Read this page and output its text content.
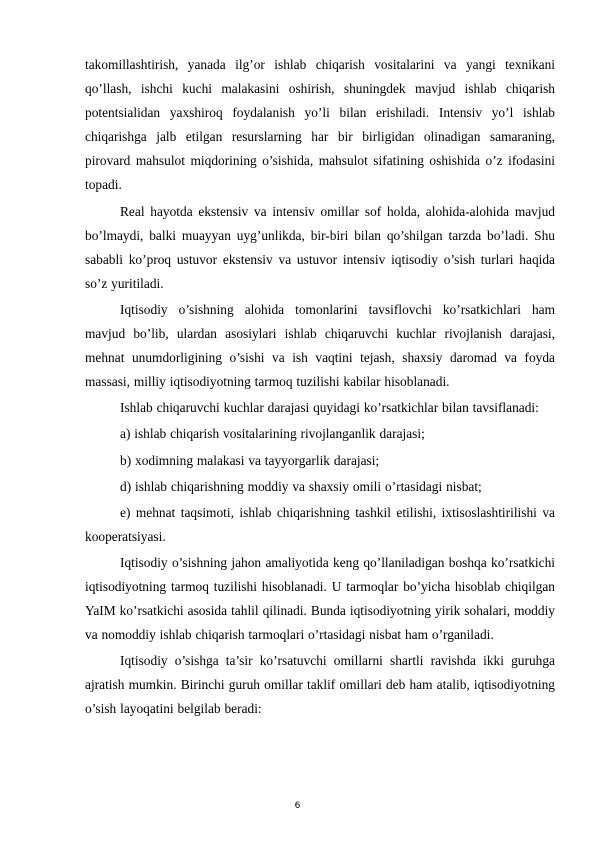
takomillashtirish, yanada ilg’or ishlab chiqarish vositalarini va yangi texnikani qo’llash, ishchi kuchi malakasini oshirish, shuningdek mavjud ishlab chiqarish potentsialidan yaxshiroq foydalanish yo’li bilan erishiladi. Intensiv yo’l ishlab chiqarishga jalb etilgan resurslarning har bir birligidan olinadigan samaraning, pirovard mahsulot miqdorining o’sishida, mahsulot sifatining oshishida o’z ifodasini topadi.

Real hayotda ekstensiv va intensiv omillar sof holda, alohida-alohida mavjud bo’lmaydi, balki muayyan uyg’unlikda, bir-biri bilan qo’shilgan tarzda bo’ladi. Shu sababli ko’proq ustuvor ekstensiv va ustuvor intensiv iqtisodiy o’sish turlari haqida so’z yuritiladi.

Iqtisodiy o’sishning alohida tomonlarini tavsiflovchi ko’rsatkichlari ham mavjud bo’lib, ulardan asosiylari ishlab chiqaruvchi kuchlar rivojlanish darajasi, mehnat unumdorligining o’sishi va ish vaqtini tejash, shaxsiy daromad va foyda massasi, milliy iqtisodiyotning tarmoq tuzilishi kabilar hisoblanadi.

Ishlab chiqaruvchi kuchlar darajasi quyidagi ko’rsatkichlar bilan tavsiflanadi:

a) ishlab chiqarish vositalarining rivojlanganlik darajasi;

b) xodimning malakasi va tayyorgarlik darajasi;

d) ishlab chiqarishning moddiy va shaxsiy omili o’rtasidagi nisbat;

e) mehnat taqsimoti, ishlab chiqarishning tashkil etilishi, ixtisoslashtirilishi va kooperatsiyasi.

Iqtisodiy o’sishning jahon amaliyotida keng qo’llaniladigan boshqa ko’rsatkichi iqtisodiyotning tarmoq tuzilishi hisoblanadi. U tarmoqlar bo’yicha hisoblab chiqilgan YaIM ko’rsatkichi asosida tahlil qilinadi. Bunda iqtisodiyotning yirik sohalari, moddiy va nomoddiy ishlab chiqarish tarmoqlari o’rtasidagi nisbat ham o’rganiladi.

Iqtisodiy o’sishga ta’sir ko’rsatuvchi omillarni shartli ravishda ikki guruhga ajratish mumkin. Birinchi guruh omillar taklif omillari deb ham atalib, iqtisodiyotning o’sish layoqatini belgilab beradi:

6
